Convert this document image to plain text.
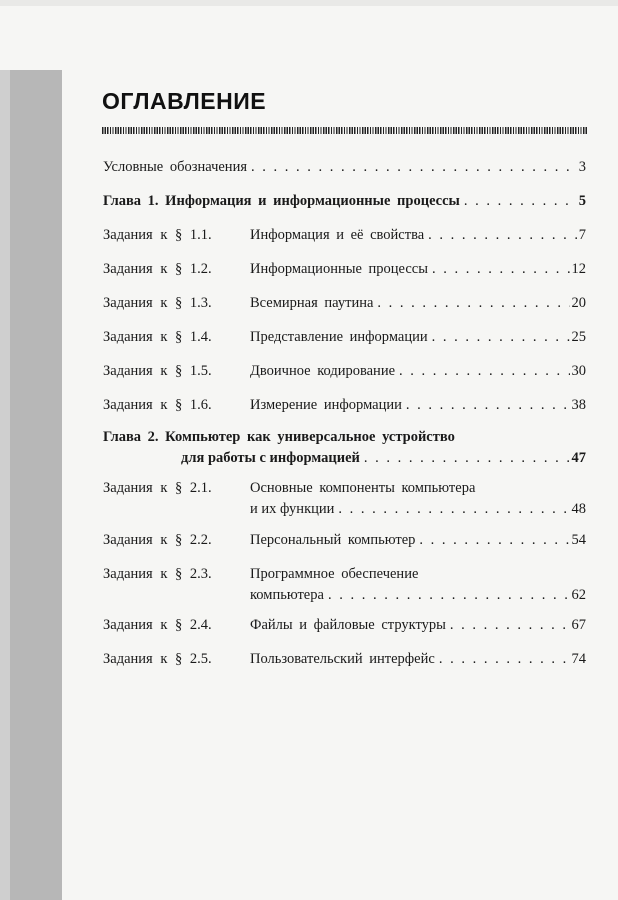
ОГЛАВЛЕНИЕ
Условные обозначения . . .	3
Глава 1. Информация и информационные процессы . . .	5
Задания к § 1.1.	Информация и её свойства . . .	7
Задания к § 1.2.	Информационные процессы . . .	12
Задания к § 1.3.	Всемирная паутина . . .	20
Задания к § 1.4.	Представление информации . . .	25
Задания к § 1.5.	Двоичное кодирование . . .	30
Задания к § 1.6.	Измерение информации . . .	38
Глава 2. Компьютер как универсальное устройство
для работы с информацией . . .	47
Задания к § 2.1.	Основные компоненты компьютера
и их функции . . .	48
Задания к § 2.2.	Персональный компьютер . . .	54
Задания к § 2.3.	Программное обеспечение
компьютера . . .	62
Задания к § 2.4.	Файлы и файловые структуры . . .	67
Задания к § 2.5.	Пользовательский интерфейс . . .	74
